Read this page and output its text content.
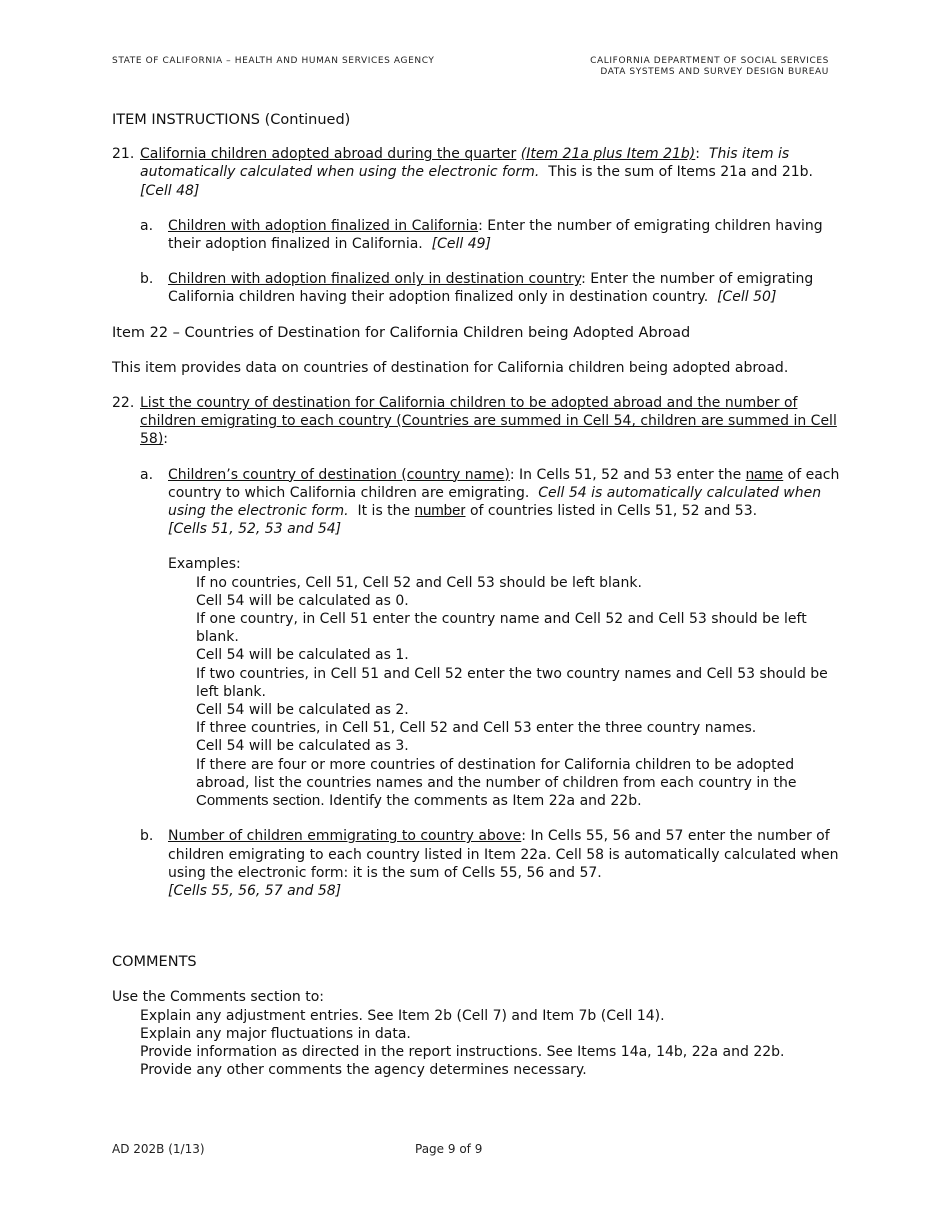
STATE OF CALIFORNIA – HEALTH AND HUMAN SERVICES AGENCY	CALIFORNIA DEPARTMENT OF SOCIAL SERVICES
DATA SYSTEMS AND SURVEY DESIGN BUREAU

ITEM INSTRUCTIONS (Continued)

21. California children adopted abroad during the quarter (Item 21a plus Item 21b): This item is automatically calculated when using the electronic form. This is the sum of Items 21a and 21b.
[Cell 48]

a. Children with adoption finalized in California: Enter the number of emigrating children having their adoption finalized in California. [Cell 49]

b. Children with adoption finalized only in destination country: Enter the number of emigrating California children having their adoption finalized only in destination country. [Cell 50]

Item 22 – Countries of Destination for California Children being Adopted Abroad

This item provides data on countries of destination for California children being adopted abroad.

22. List the country of destination for California children to be adopted abroad and the number of children emigrating to each country (Countries are summed in Cell 54, children are summed in Cell 58):

a. Children’s country of destination (country name): In Cells 51, 52 and 53 enter the name of each country to which California children are emigrating. Cell 54 is automatically calculated when using the electronic form. It is the number of countries listed in Cells 51, 52 and 53.
[Cells 51, 52, 53 and 54]

Examples:

If no countries, Cell 51, Cell 52 and Cell 53 should be left blank.

Cell 54 will be calculated as 0.

If one country, in Cell 51 enter the country name and Cell 52 and Cell 53 should be left blank.

Cell 54 will be calculated as 1.

If two countries, in Cell 51 and Cell 52 enter the two country names and Cell 53 should be left blank.

Cell 54 will be calculated as 2.

If three countries, in Cell 51, Cell 52 and Cell 53 enter the three country names.

Cell 54 will be calculated as 3.

If there are four or more countries of destination for California children to be adopted abroad, list the countries names and the number of children from each country in the Comments section. Identify the comments as Item 22a and 22b.

b. Number of children emmigrating to country above: In Cells 55, 56 and 57 enter the number of children emigrating to each country listed in Item 22a. Cell 58 is automatically calculated when using the electronic form: it is the sum of Cells 55, 56 and 57.
[Cells 55, 56, 57 and 58]

COMMENTS

Use the Comments section to:

Explain any adjustment entries. See Item 2b (Cell 7) and Item 7b (Cell 14).

Explain any major fluctuations in data.

Provide information as directed in the report instructions. See Items 14a, 14b, 22a and 22b.

Provide any other comments the agency determines necessary.

AD 202B (1/13)	Page 9 of 9
